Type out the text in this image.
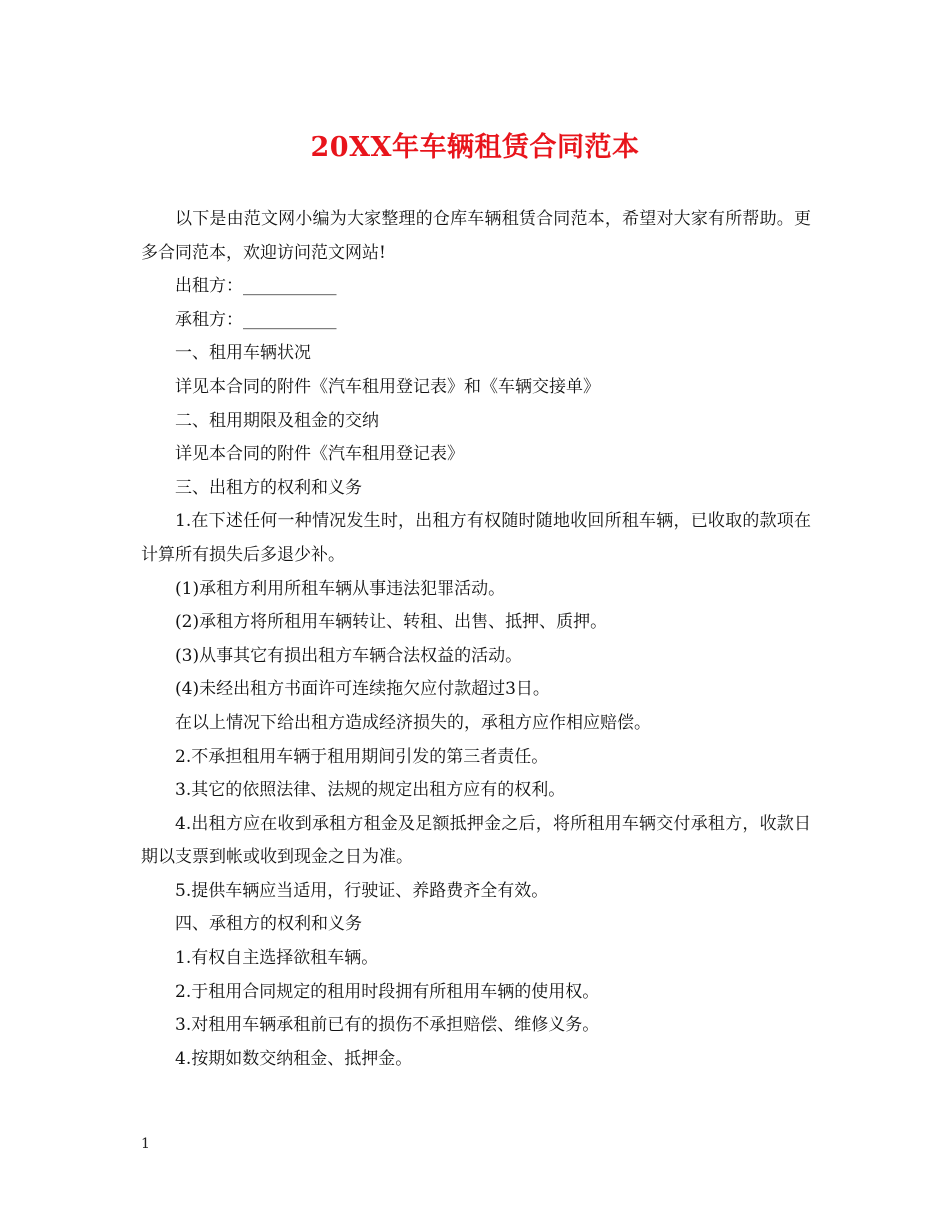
20XX年车辆租赁合同范本

以下是由范文网小编为大家整理的仓库车辆租赁合同范本，希望对大家有所帮助。更多合同范本，欢迎访问范文网站!

出租方：___________

承租方：___________

一、租用车辆状况

详见本合同的附件《汽车租用登记表》和《车辆交接单》

二、租用期限及租金的交纳

详见本合同的附件《汽车租用登记表》

三、出租方的权利和义务

1.在下述任何一种情况发生时，出租方有权随时随地收回所租车辆，已收取的款项在计算所有损失后多退少补。

(1)承租方利用所租车辆从事违法犯罪活动。

(2)承租方将所租用车辆转让、转租、出售、抵押、质押。

(3)从事其它有损出租方车辆合法权益的活动。

(4)未经出租方书面许可连续拖欠应付款超过3日。

在以上情况下给出租方造成经济损失的，承租方应作相应赔偿。

2.不承担租用车辆于租用期间引发的第三者责任。

3.其它的依照法律、法规的规定出租方应有的权利。

4.出租方应在收到承租方租金及足额抵押金之后，将所租用车辆交付承租方，收款日期以支票到帐或收到现金之日为准。

5.提供车辆应当适用，行驶证、养路费齐全有效。

四、承租方的权利和义务

1.有权自主选择欲租车辆。

2.于租用合同规定的租用时段拥有所租用车辆的使用权。

3.对租用车辆承租前已有的损伤不承担赔偿、维修义务。

4.按期如数交纳租金、抵押金。

1
